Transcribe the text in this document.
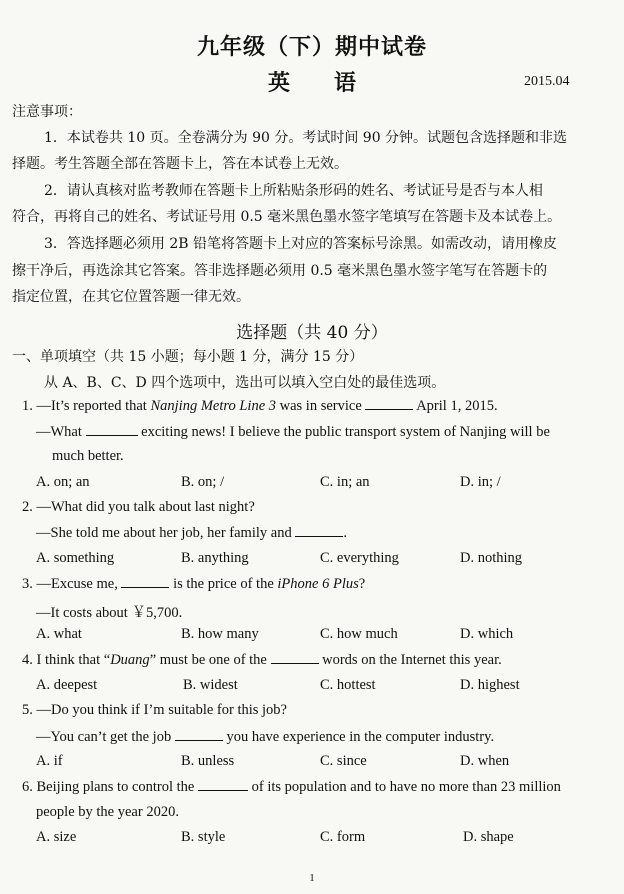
九年级（下）期中试卷
英　　 语	2015.04
注意事项：
1．本试卷共 10 页。全卷满分为 90 分。考试时间 90 分钟。试题包含选择题和非选
择题。考生答题全部在答题卡上，答在本试卷上无效。
2．请认真核对监考教师在答题卡上所粘贴条形码的姓名、考试证号是否与本人相
符合，再将自己的姓名、考试证号用 0.5 毫米黑色墨水签字笔填写在答题卡及本试卷上。
3．答选择题必须用 2B 铅笔将答题卡上对应的答案标号涂黑。如需改动，请用橡皮
擦干净后，再选涂其它答案。答非选择题必须用 0.5 毫米黑色墨水签字笔写在答题卡的
指定位置，在其它位置答题一律无效。
选择题（共 40 分）
一、单项填空（共 15 小题；每小题 1 分，满分 15 分）
从 A、B、C、D 四个选项中，选出可以填入空白处的最佳选项。
1. —It’s reported that Nanjing Metro Line 3 was in service	April 1, 2015.
—What	exciting news! I believe the public transport system of Nanjing will be
much better.
A. on; an	B. on; /	C. in; an	D. in; /
2. —What did you talk about last night?
—She told me about her job, her family and	.
A. something	B. anything	C. everything	D. nothing
3. —Excuse me,	is the price of the iPhone 6 Plus?
—It costs about ￥5,700.
A. what	B. how many	C. how much	D. which
4. I think that “Duang” must be one of the	words on the Internet this year.
A. deepest	B. widest	C. hottest	D. highest
5. —Do you think if I’m suitable for this job?
—You can’t get the job	you have experience in the computer industry.
A. if	B. unless	C. since	D. when
6. Beijing plans to control the	of its population and to have no more than 23 million
people by the year 2020.
A. size	B. style	C. form	D. shape
1
